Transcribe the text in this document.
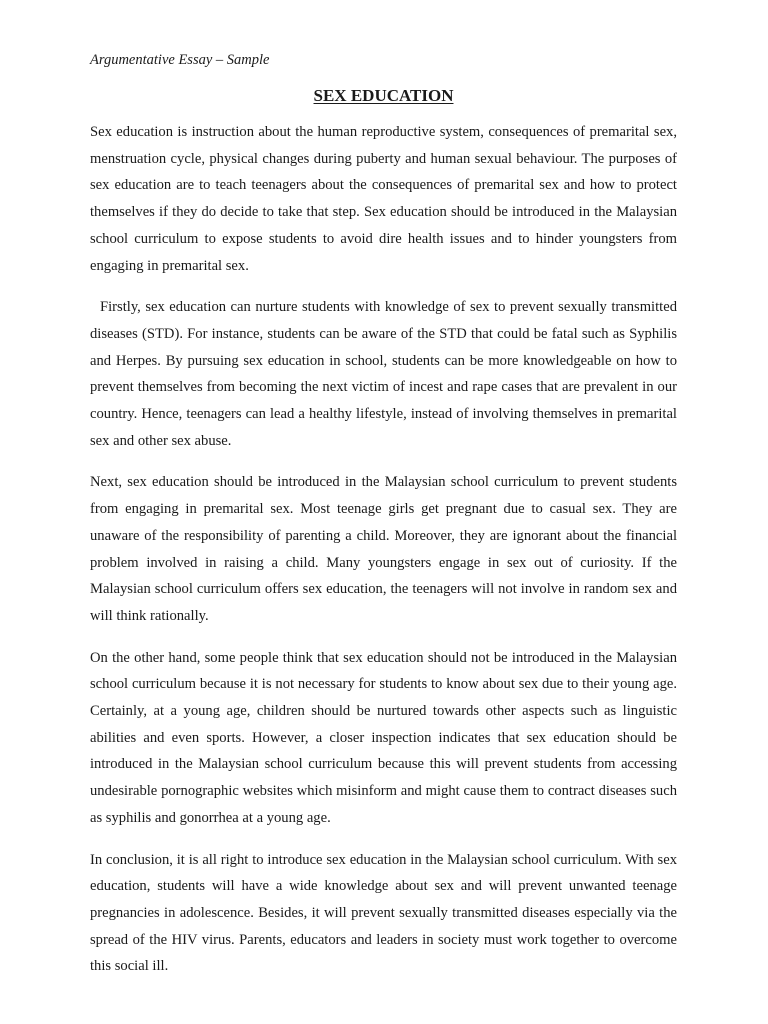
Argumentative Essay – Sample
SEX EDUCATION

Sex education is instruction about the human reproductive system, consequences of premarital sex, menstruation cycle, physical changes during puberty and human sexual behaviour. The purposes of sex education are to teach teenagers about the consequences of premarital sex and how to protect themselves if they do decide to take that step. Sex education should be introduced in the Malaysian school curriculum to expose students to avoid dire health issues and to hinder youngsters from engaging in premarital sex.

Firstly, sex education can nurture students with knowledge of sex to prevent sexually transmitted diseases (STD). For instance, students can be aware of the STD that could be fatal such as Syphilis and Herpes. By pursuing sex education in school, students can be more knowledgeable on how to prevent themselves from becoming the next victim of incest and rape cases that are prevalent in our country. Hence, teenagers can lead a healthy lifestyle, instead of involving themselves in premarital sex and other sex abuse.

Next, sex education should be introduced in the Malaysian school curriculum to prevent students from engaging in premarital sex. Most teenage girls get pregnant due to casual sex. They are unaware of the responsibility of parenting a child. Moreover, they are ignorant about the financial problem involved in raising a child. Many youngsters engage in sex out of curiosity. If the Malaysian school curriculum offers sex education, the teenagers will not involve in random sex and will think rationally.

On the other hand, some people think that sex education should not be introduced in the Malaysian school curriculum because it is not necessary for students to know about sex due to their young age. Certainly, at a young age, children should be nurtured towards other aspects such as linguistic abilities and even sports. However, a closer inspection indicates that sex education should be introduced in the Malaysian school curriculum because this will prevent students from accessing undesirable pornographic websites which misinform and might cause them to contract diseases such as syphilis and gonorrhea at a young age.

In conclusion, it is all right to introduce sex education in the Malaysian school curriculum. With sex education, students will have a wide knowledge about sex and will prevent unwanted teenage pregnancies in adolescence. Besides, it will prevent sexually transmitted diseases especially via the spread of the HIV virus. Parents, educators and leaders in society must work together to overcome this social ill.
